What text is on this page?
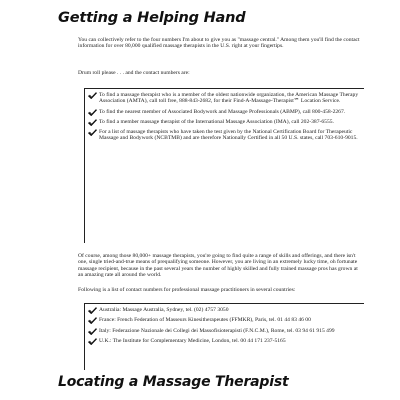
Getting a Helping Hand

You can collectively refer to the four numbers I'm about to give you as "massage central." Among them you'll find the contact information for over 80,000 qualified massage therapists in the U.S. right at your fingertips.

Drum roll please . . . and the contact numbers are:

To find a massage therapist who is a member of the oldest nationwide organization, the American Massage Therapy Association (AMTA), call toll free, 888-843-2682, for their Find-A-Massage-Therapist℠ Location Service.
To find the nearest member of Associated Bodywork and Massage Professionals (ABMP), call 800-458-2267.
To find a member massage therapist of the International Massage Association (IMA), call 202-387-6555.
For a list of massage therapists who have taken the test given by the National Certification Board for Therapeutic Massage and Bodywork (NCBTMB) and are therefore Nationally Certified in all 50 U.S. states, call 703-610-9015.

Of course, among those 80,000+ massage therapists, you're going to find quite a range of skills and offerings, and there isn't one, single tried-and-true means of prequalifying someone. However, you are living in an extremely lucky time, oh fortunate massage recipient, because in the past several years the number of highly skilled and fully trained massage pros has grown at an amazing rate all around the world.

Following is a list of contact numbers for professional massage practitioners in several countries:

Australia: Massage Australia, Sydney, tel. (02) 4757 3050
France: French Federation of Masseurs Kinesitherapeutes (FFMKR), Paris, tel. 01 44 83 46 00
Italy: Federazione Nazionale dei Collegi dei Massofisioterapisti (F.N.C.M.), Rome, tel. 03 94 61 915 499
U.K.: The Institute for Complementary Medicine, London, tel. 00 44 171 237-5165
Locating a Massage Therapist
